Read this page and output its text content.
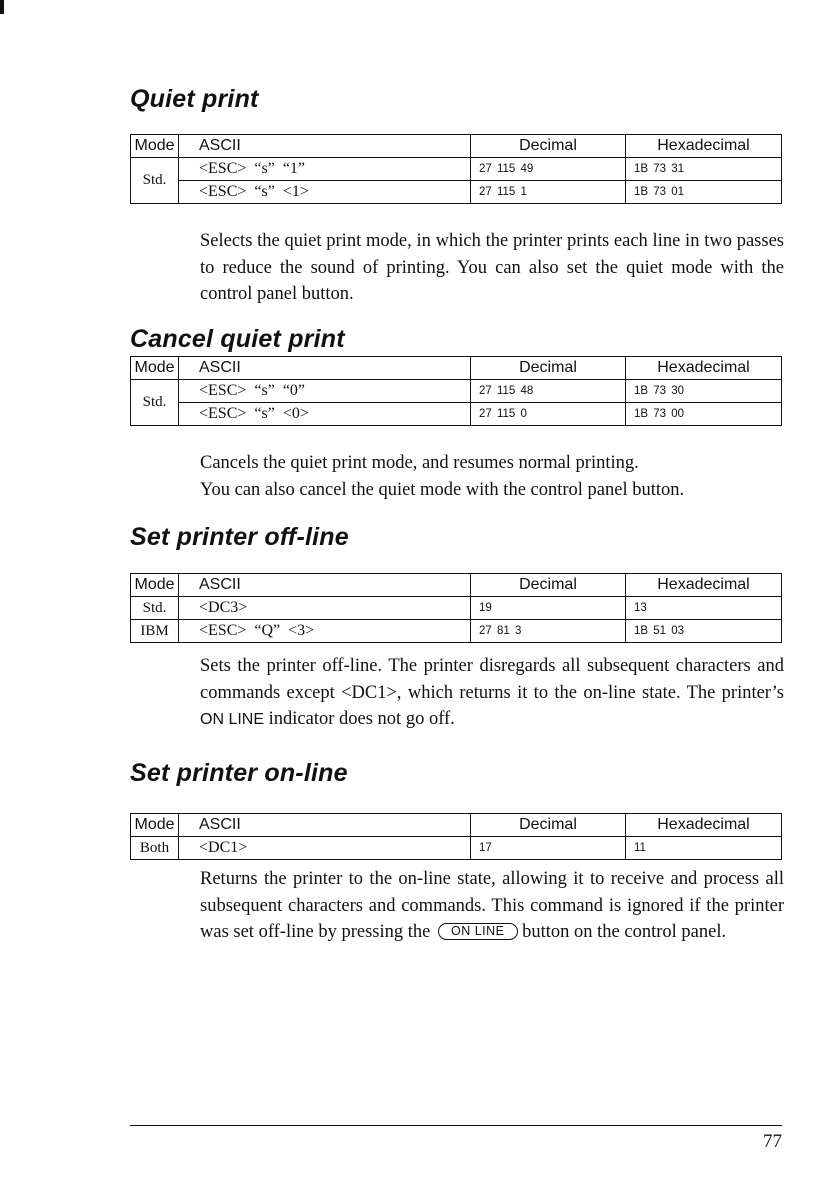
Quiet print
Mode	ASCII	Decimal	Hexadecimal
Std.	<ESC> “s” “1”	27 115 49	1B 73 31
	<ESC> “s” <1>	27 115 1	1B 73 01

Selects the quiet print mode, in which the printer prints each line in two passes to reduce the sound of printing. You can also set the quiet mode with the control panel button.

Cancel quiet print
Mode	ASCII	Decimal	Hexadecimal
Std.	<ESC> “s” “0”	27 115 48	1B 73 30
	<ESC> “s” <0>	27 115 0	1B 73 00

Cancels the quiet print mode, and resumes normal printing.
You can also cancel the quiet mode with the control panel button.

Set printer off-line
Mode	ASCII	Decimal	Hexadecimal
Std.	<DC3>	19	13
IBM	<ESC> “Q” <3>	27 81 3	1B 51 03

Sets the printer off-line. The printer disregards all subsequent characters and commands except <DC1>, which returns it to the on-line state. The printer’s ON LINE indicator does not go off.

Set printer on-line
Mode	ASCII	Decimal	Hexadecimal
Both	<DC1>	17	11

Returns the printer to the on-line state, allowing it to receive and process all subsequent characters and commands. This command is ignored if the printer was set off-line by pressing the ON LINE button on the control panel.

77
